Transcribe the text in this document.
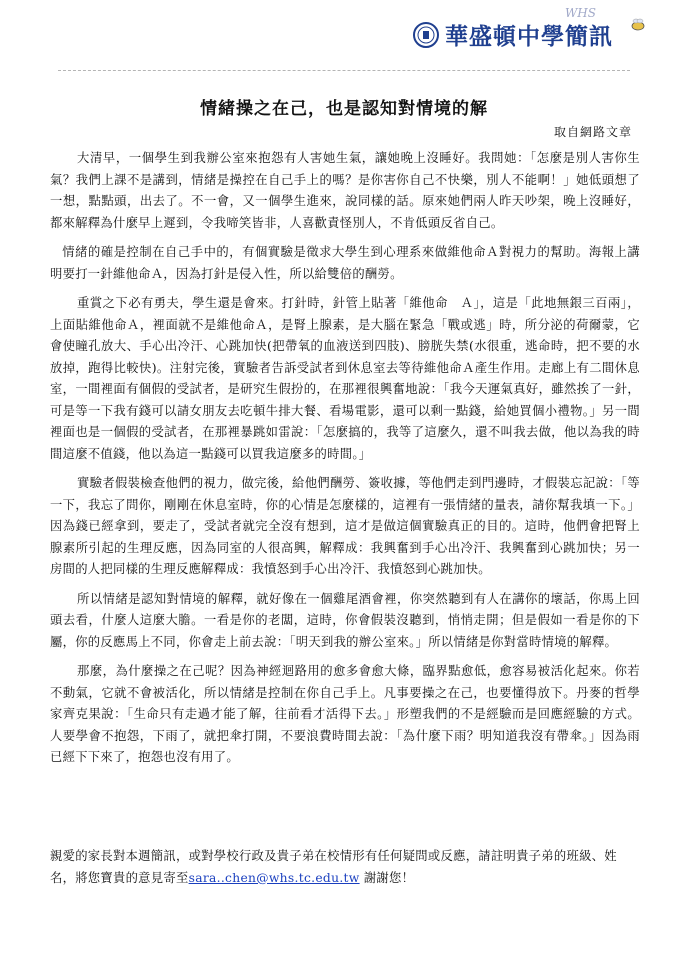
WHS
華盛頓中學簡訊
情緒操之在己，也是認知對情境的解
取自網路文章

大清早，一個學生到我辦公室來抱怨有人害她生氣，讓她晚上沒睡好。我問她：「怎麼是別人害你生氣？我們上課不是講到，情緒是操控在自己手上的嗎？是你害你自己不快樂，別人不能啊！」她低頭想了一想，點點頭，出去了。不一會，又一個學生進來，說同樣的話。原來她們兩人昨天吵架，晚上沒睡好，都來解釋為什麼早上遲到，令我啼笑皆非，人喜歡責怪別人，不肯低頭反省自己。

情緒的確是控制在自己手中的，有個實驗是徵求大學生到心理系來做維他命Ａ對視力的幫助。海報上講明要打一針維他命Ａ，因為打針是侵入性，所以給雙倍的酬勞。

重賞之下必有勇夫，學生還是會來。打針時，針管上貼著「維他命　Ａ」，這是「此地無銀三百兩」，上面貼維他命Ａ，裡面就不是維他命Ａ，是腎上腺素，是大腦在緊急「戰或逃」時，所分泌的荷爾蒙，它會使瞳孔放大、手心出冷汗、心跳加快(把帶氧的血液送到四肢)、膀胱失禁(水很重，逃命時，把不要的水放掉，跑得比較快)。注射完後，實驗者告訴受試者到休息室去等待維他命Ａ產生作用。走廊上有二間休息室，一間裡面有個假的受試者，是研究生假扮的，在那裡很興奮地說：「我今天運氣真好，雖然挨了一針，可是等一下我有錢可以請女朋友去吃頓牛排大餐、看場電影，還可以剩一點錢，給她買個小禮物。」另一間裡面也是一個假的受試者，在那裡暴跳如雷說：「怎麼搞的，我等了這麼久，還不叫我去做，他以為我的時間這麼不值錢，他以為這一點錢可以買我這麼多的時間。」

實驗者假裝檢查他們的視力，做完後，給他們酬勞、簽收據，等他們走到門邊時，才假裝忘記說：「等一下，我忘了問你，剛剛在休息室時，你的心情是怎麼樣的，這裡有一張情緒的量表，請你幫我填一下。」因為錢已經拿到，要走了，受試者就完全沒有想到，這才是做這個實驗真正的目的。這時，他們會把腎上腺素所引起的生理反應，因為同室的人很高興，解釋成：我興奮到手心出冷汗、我興奮到心跳加快；另一房間的人把同樣的生理反應解釋成：我憤怒到手心出冷汗、我憤怒到心跳加快。

所以情緒是認知對情境的解釋，就好像在一個雞尾酒會裡，你突然聽到有人在講你的壞話，你馬上回頭去看，什麼人這麼大膽。一看是你的老闆，這時，你會假裝沒聽到，悄悄走開；但是假如一看是你的下屬，你的反應馬上不同，你會走上前去說：「明天到我的辦公室來。」所以情緒是你對當時情境的解釋。

那麼，為什麼操之在己呢？因為神經迴路用的愈多會愈大條，臨界點愈低，愈容易被活化起來。你若不動氣，它就不會被活化，所以情緒是控制在你自己手上。凡事要操之在己，也要懂得放下。丹麥的哲學家齊克果說：「生命只有走過才能了解，往前看才活得下去。」形塑我們的不是經驗而是回應經驗的方式。人要學會不抱怨，下雨了，就把傘打開，不要浪費時間去說：「為什麼下雨？明知道我沒有帶傘。」因為雨已經下下來了，抱怨也沒有用了。

親愛的家長對本週簡訊，或對學校行政及貴子弟在校情形有任何疑問或反應，請註明貴子弟的班級、姓名，將您寶貴的意見寄至sara..chen@whs.tc.edu.tw 謝謝您！
